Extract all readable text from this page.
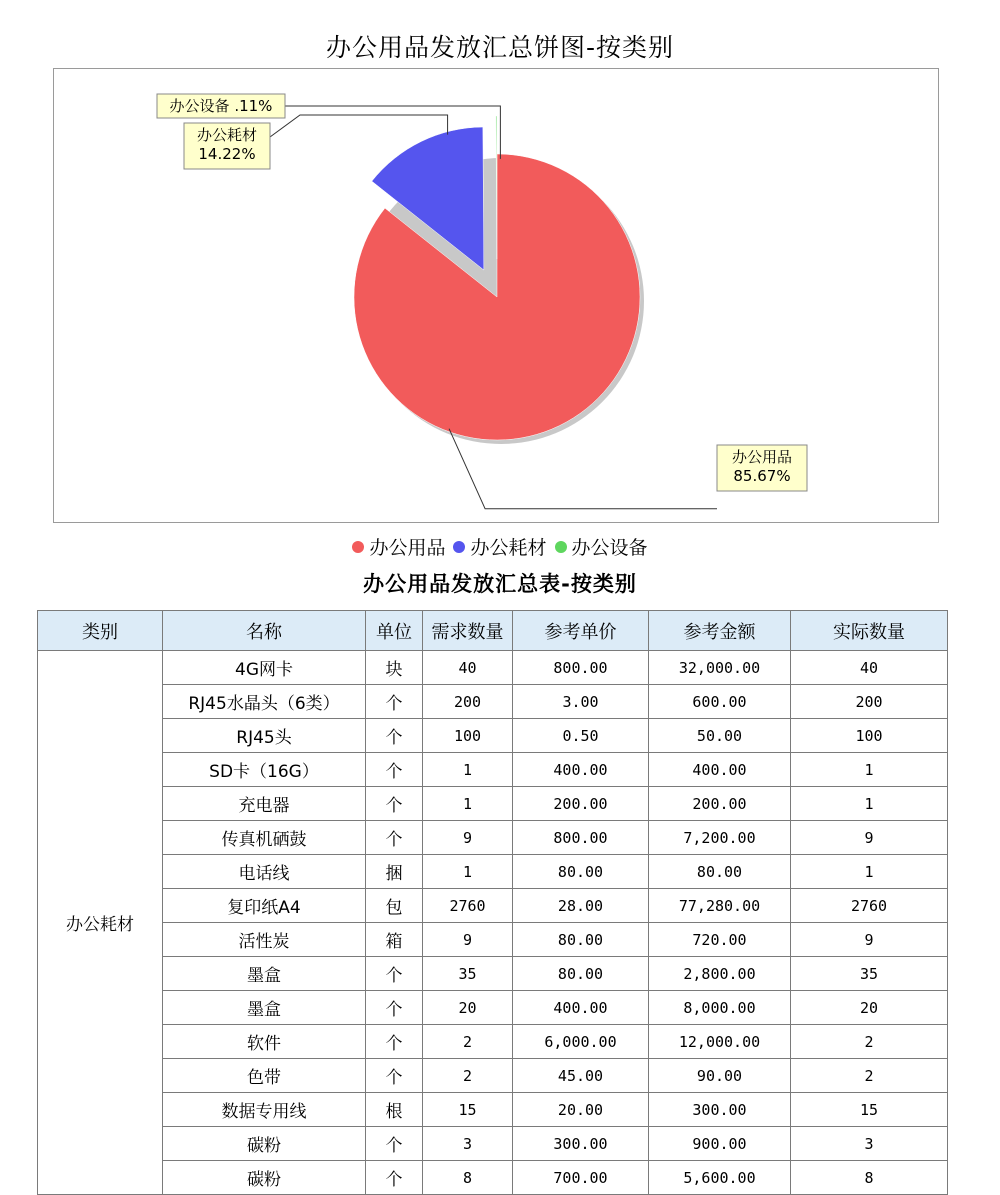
办公用品发放汇总饼图-按类别
办公用品
85.67%
办公耗材
14.22%
办公设备 .11%
办公用品 办公耗材 办公设备
办公用品发放汇总表-按类别
类别	名称	单位	需求数量	参考单价	参考金额	实际数量
办公耗材	4G网卡	块	40	800.00	32,000.00	40
	RJ45水晶头（6类）	个	200	3.00	600.00	200
	RJ45头	个	100	0.50	50.00	100
	SD卡（16G）	个	1	400.00	400.00	1
	充电器	个	1	200.00	200.00	1
	传真机硒鼓	个	9	800.00	7,200.00	9
	电话线	捆	1	80.00	80.00	1
	复印纸A4	包	2760	28.00	77,280.00	2760
	活性炭	箱	9	80.00	720.00	9
	墨盒	个	35	80.00	2,800.00	35
	墨盒	个	20	400.00	8,000.00	20
	软件	个	2	6,000.00	12,000.00	2
	色带	个	2	45.00	90.00	2
	数据专用线	根	15	20.00	300.00	15
	碳粉	个	3	300.00	900.00	3
	碳粉	个	8	700.00	5,600.00	8
